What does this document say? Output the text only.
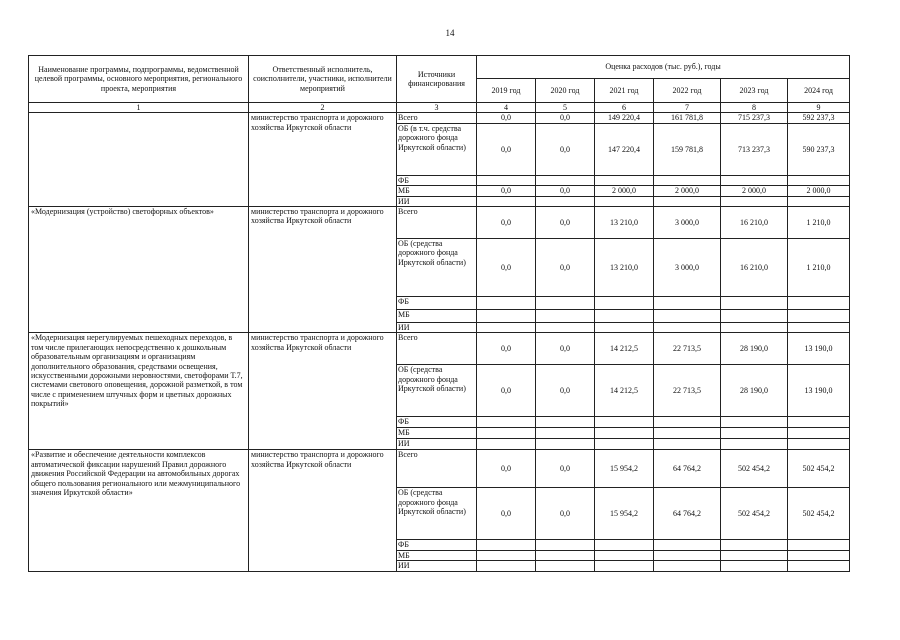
14
Наименование программы, подпрограммы, ведомственной целевой программы, основного мероприятия, регионального проекта, мероприятия	Ответственный исполнитель, соисполнители, участники, исполнители мероприятий	Источники финансирования	Оценка расходов (тыс. руб.), годы					
			2019 год	2020 год	2021 год	2022 год	2023 год	2024 год
1	2	3	4	5	6	7	8	9
	министерство транспорта и дорожного хозяйства Иркутской области	Всего	0,0	0,0	149 220,4	161 781,8	715 237,3	592 237,3
		ОБ (в т.ч. средства дорожного фонда Иркутской области)	0,0	0,0	147 220,4	159 781,8	713 237,3	590 237,3
		ФБ						
		МБ	0,0	0,0	2 000,0	2 000,0	2 000,0	2 000,0
		ИИ						
«Модернизация (устройство) светофорных объектов»	министерство транспорта и дорожного хозяйства Иркутской области	Всего	0,0	0,0	13 210,0	3 000,0	16 210,0	1 210,0
		ОБ (средства дорожного фонда Иркутской области)	0,0	0,0	13 210,0	3 000,0	16 210,0	1 210,0
		ФБ						
		МБ						
		ИИ						
«Модернизация нерегулируемых пешеходных переходов, в том числе прилегающих непосредственно к дошкольным образовательным организациям и организациям дополнительного образования, средствами освещения, искусственными дорожными неровностями, светофорами Т.7, системами светового оповещения, дорожной разметкой, в том числе с применением штучных форм и цветных дорожных покрытий»	министерство транспорта и дорожного хозяйства Иркутской области	Всего	0,0	0,0	14 212,5	22 713,5	28 190,0	13 190,0
		ОБ (средства дорожного фонда Иркутской области)	0,0	0,0	14 212,5	22 713,5	28 190,0	13 190,0
		ФБ						
		МБ						
		ИИ						
«Развитие и обеспечение деятельности комплексов автоматической фиксации нарушений Правил дорожного движения Российской Федерации на автомобильных дорогах общего пользования регионального или межмуниципального значения Иркутской области»	министерство транспорта и дорожного хозяйства Иркутской области	Всего	0,0	0,0	15 954,2	64 764,2	502 454,2	502 454,2
		ОБ (средства дорожного фонда Иркутской области)	0,0	0,0	15 954,2	64 764,2	502 454,2	502 454,2
		ФБ						
		МБ						
		ИИ						
